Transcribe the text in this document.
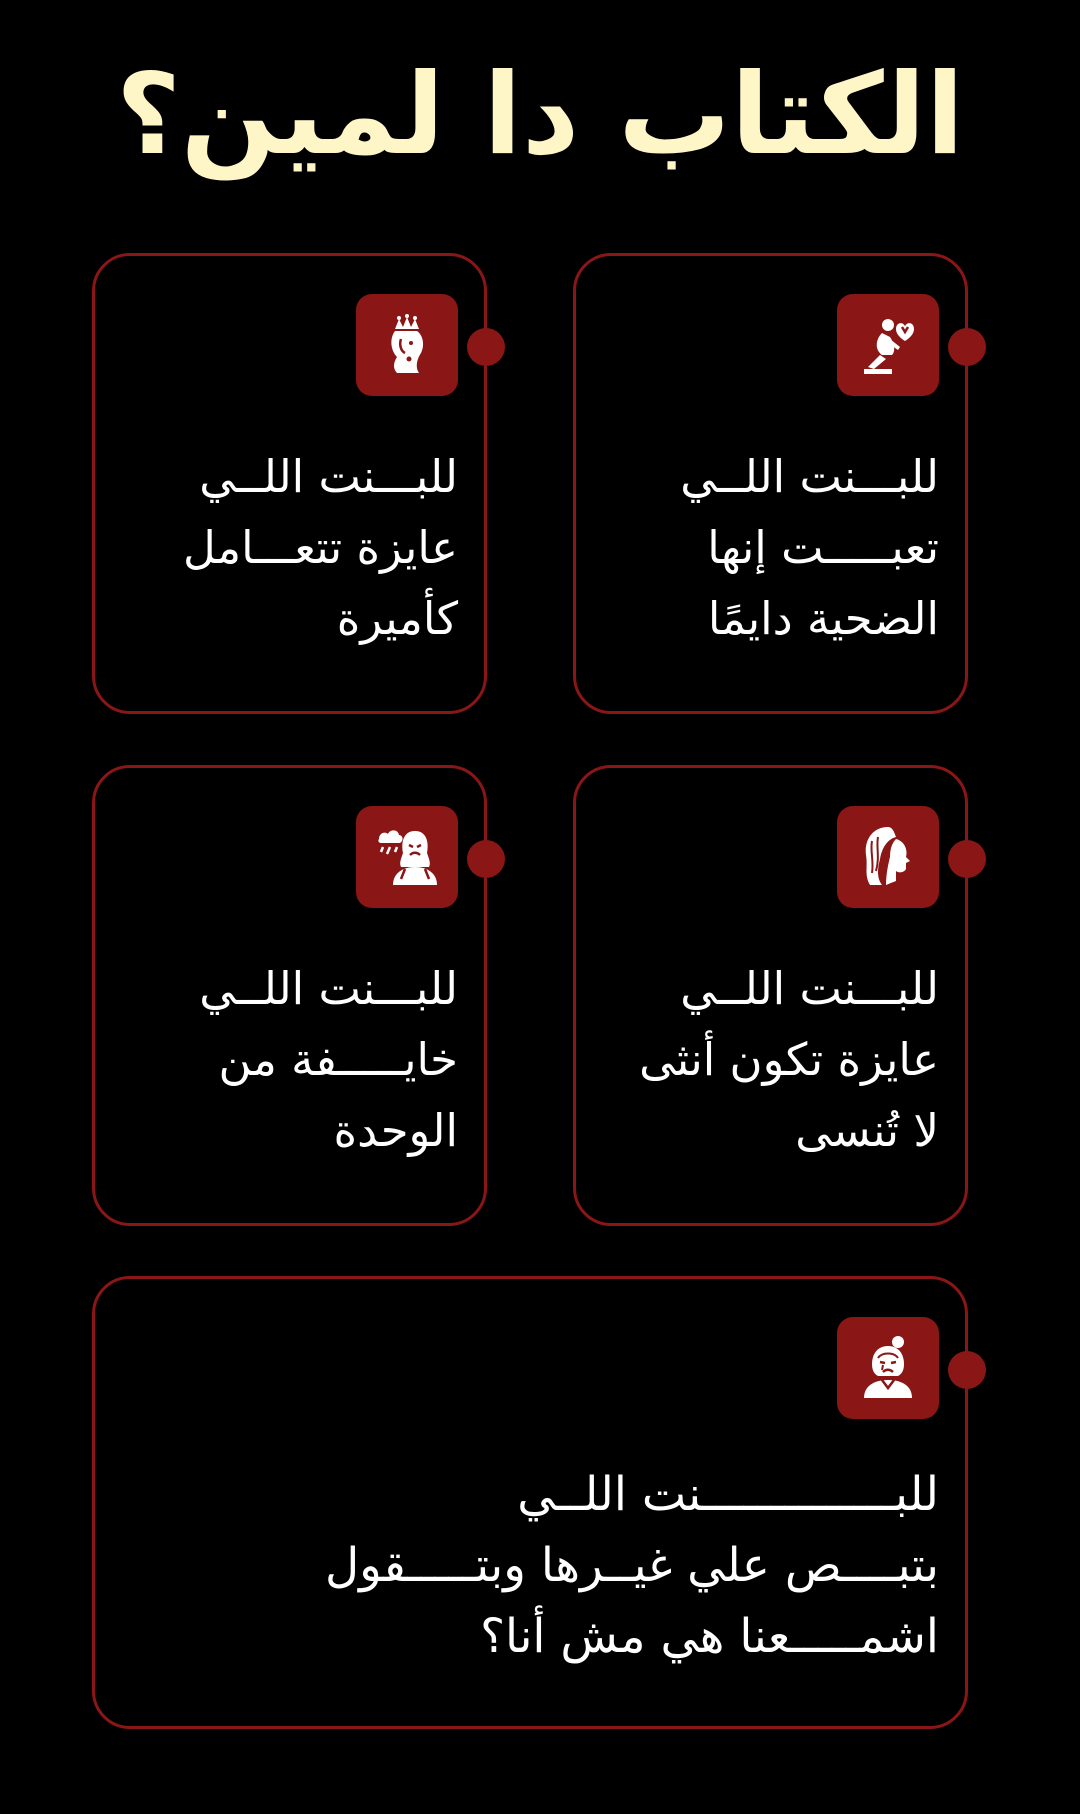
الكتاب دا لمين؟

للبـــنت اللــي
تعبـــــت إنها
الضحية دايمًا

للبـــنت اللــي
عايزة تتعـــامل
كأميرة

للبـــنت اللــي
عايزة تكون أنثى
لا تُنسى

للبـــنت اللــي
خايـــــفة من
الوحدة

للبــــــــــــــنت اللــي
بتبــــص علي غيــرها وبتـــــقول
اشمـــــعنا هي مش أنا؟
